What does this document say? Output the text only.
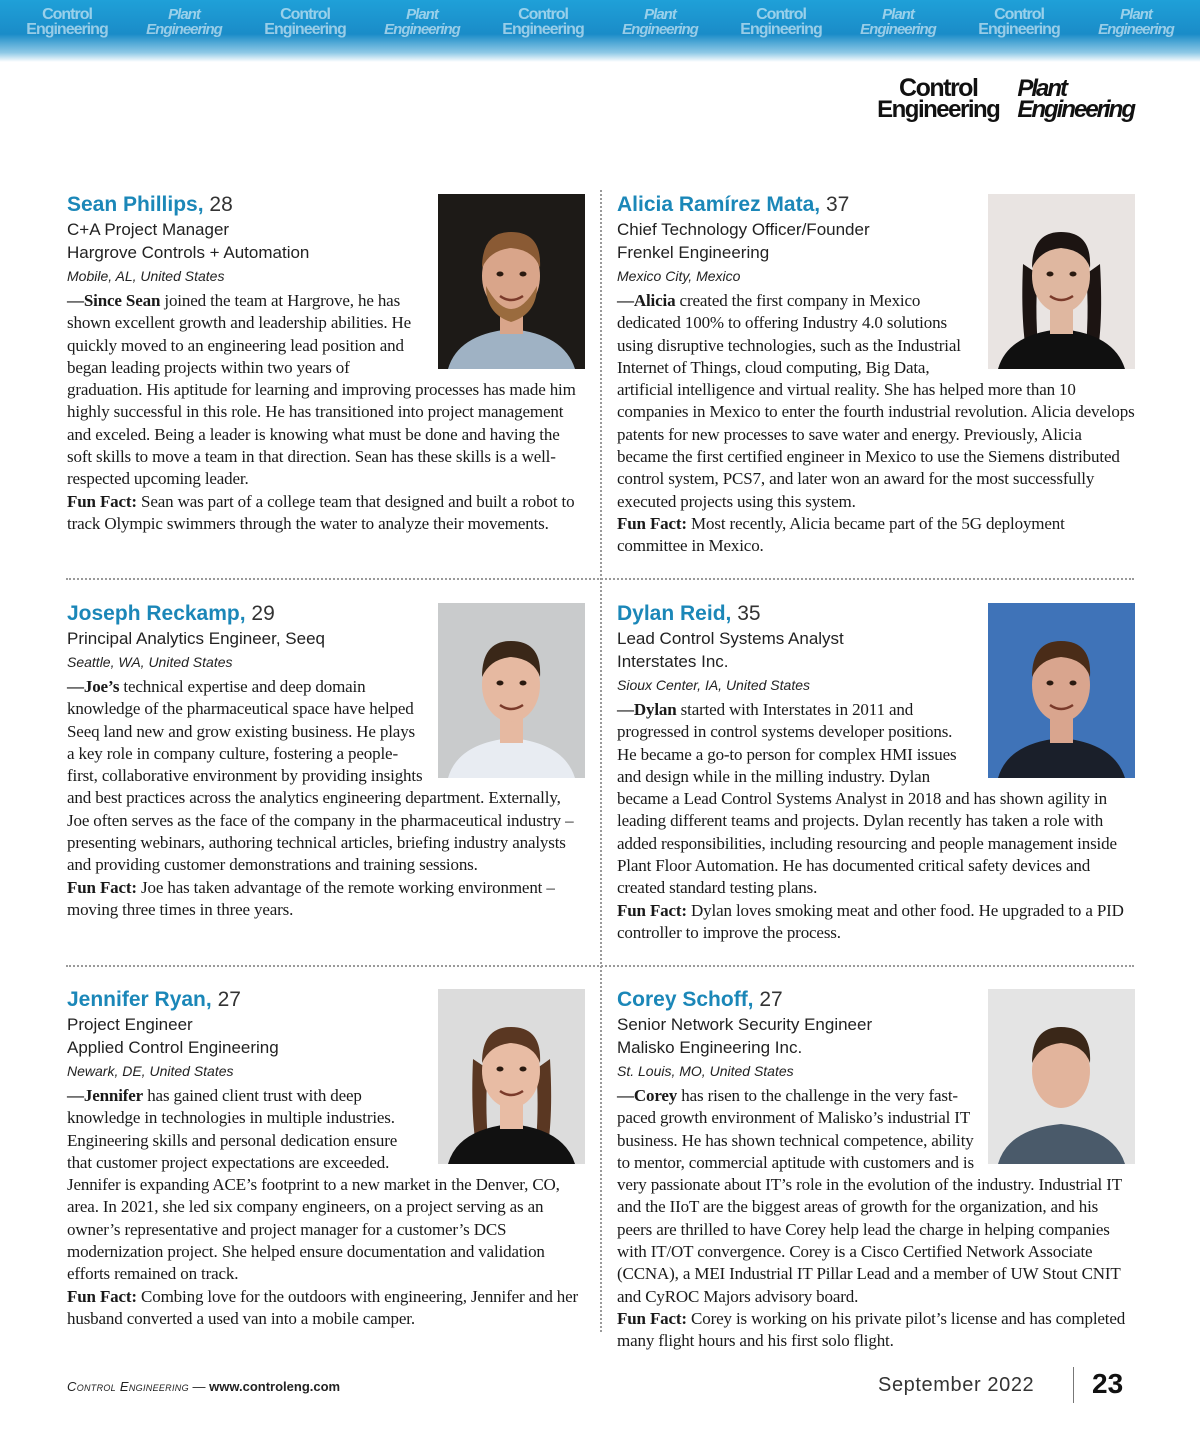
Control
Engineering
Plant
Engineering
Control
Engineering
Plant
Engineering
Control
Engineering
Plant
Engineering
Control
Engineering
Plant
Engineering
Control
Engineering
Plant
Engineering
Control
Engineering
Plant
Engineering
Sean Phillips, 28
C+A Project Manager
Hargrove Controls + Automation
Mobile, AL, United States
—Since Sean joined the team at Hargrove, he has shown excellent growth and leadership abilities. He quickly moved to an engineering lead position and began leading projects within two years of graduation. His aptitude for learning and improving processes has made him highly successful in this role. He has transitioned into project management and exceled. Being a leader is knowing what must be done and having the soft skills to move a team in that direction. Sean has these skills is a well-respected upcoming leader.
Fun Fact: Sean was part of a college team that designed and built a robot to track Olympic swimmers through the water to analyze their movements.
Alicia Ramírez Mata, 37
Chief Technology Officer/Founder
Frenkel Engineering
Mexico City, Mexico
—Alicia created the first company in Mexico dedicated 100% to offering Industry 4.0 solutions using disruptive technologies, such as the Industrial Internet of Things, cloud computing, Big Data, artificial intelligence and virtual reality. She has helped more than 10 companies in Mexico to enter the fourth industrial revolution. Alicia develops patents for new processes to save water and energy. Previously, Alicia became the first certified engineer in Mexico to use the Siemens distributed control system, PCS7, and later won an award for the most successfully executed projects using this system.
Fun Fact: Most recently, Alicia became part of the 5G deployment committee in Mexico.
Joseph Reckamp, 29
Principal Analytics Engineer, Seeq
Seattle, WA, United States
—Joe’s technical expertise and deep domain knowledge of the pharmaceutical space have helped Seeq land new and grow existing business. He plays a key role in company culture, fostering a people-first, collaborative environment by providing insights and best practices across the analytics engineering department. Externally, Joe often serves as the face of the company in the pharmaceutical industry – presenting webinars, authoring technical articles, briefing industry analysts and providing customer demonstrations and training sessions.
Fun Fact: Joe has taken advantage of the remote working environment – moving three times in three years.
Dylan Reid, 35
Lead Control Systems Analyst
Interstates Inc.
Sioux Center, IA, United States
—Dylan started with Interstates in 2011 and progressed in control systems developer positions. He became a go-to person for complex HMI issues and design while in the milling industry. Dylan became a Lead Control Systems Analyst in 2018 and has shown agility in leading different teams and projects. Dylan recently has taken a role with added responsibilities, including resourcing and people management inside Plant Floor Automation. He has documented critical safety devices and created standard testing plans.
Fun Fact: Dylan loves smoking meat and other food. He upgraded to a PID controller to improve the process.
Jennifer Ryan, 27
Project Engineer
Applied Control Engineering
Newark, DE, United States
—Jennifer has gained client trust with deep knowledge in technologies in multiple industries. Engineering skills and personal dedication ensure that customer project expectations are exceeded. Jennifer is expanding ACE’s footprint to a new market in the Denver, CO, area. In 2021, she led six company engineers, on a project serving as an owner’s representative and project manager for a customer’s DCS modernization project. She helped ensure documentation and validation efforts remained on track.
Fun Fact: Combing love for the outdoors with engineering, Jennifer and her husband converted a used van into a mobile camper.
Corey Schoff, 27
Senior Network Security Engineer
Malisko Engineering Inc.
St. Louis, MO, United States
—Corey has risen to the challenge in the very fast-paced growth environment of Malisko’s industrial IT business. He has shown technical competence, ability to mentor, commercial aptitude with customers and is very passionate about IT’s role in the evolution of the industry. Industrial IT and the IIoT are the biggest areas of growth for the organization, and his peers are thrilled to have Corey help lead the charge in helping companies with IT/OT convergence. Corey is a Cisco Certified Network Associate (CCNA), a MEI Industrial IT Pillar Lead and a member of UW Stout CNIT and CyROC Majors advisory board.
Fun Fact: Corey is working on his private pilot’s license and has completed many flight hours and his first solo flight.
Control Engineering — www.controleng.com	September 2022 23
